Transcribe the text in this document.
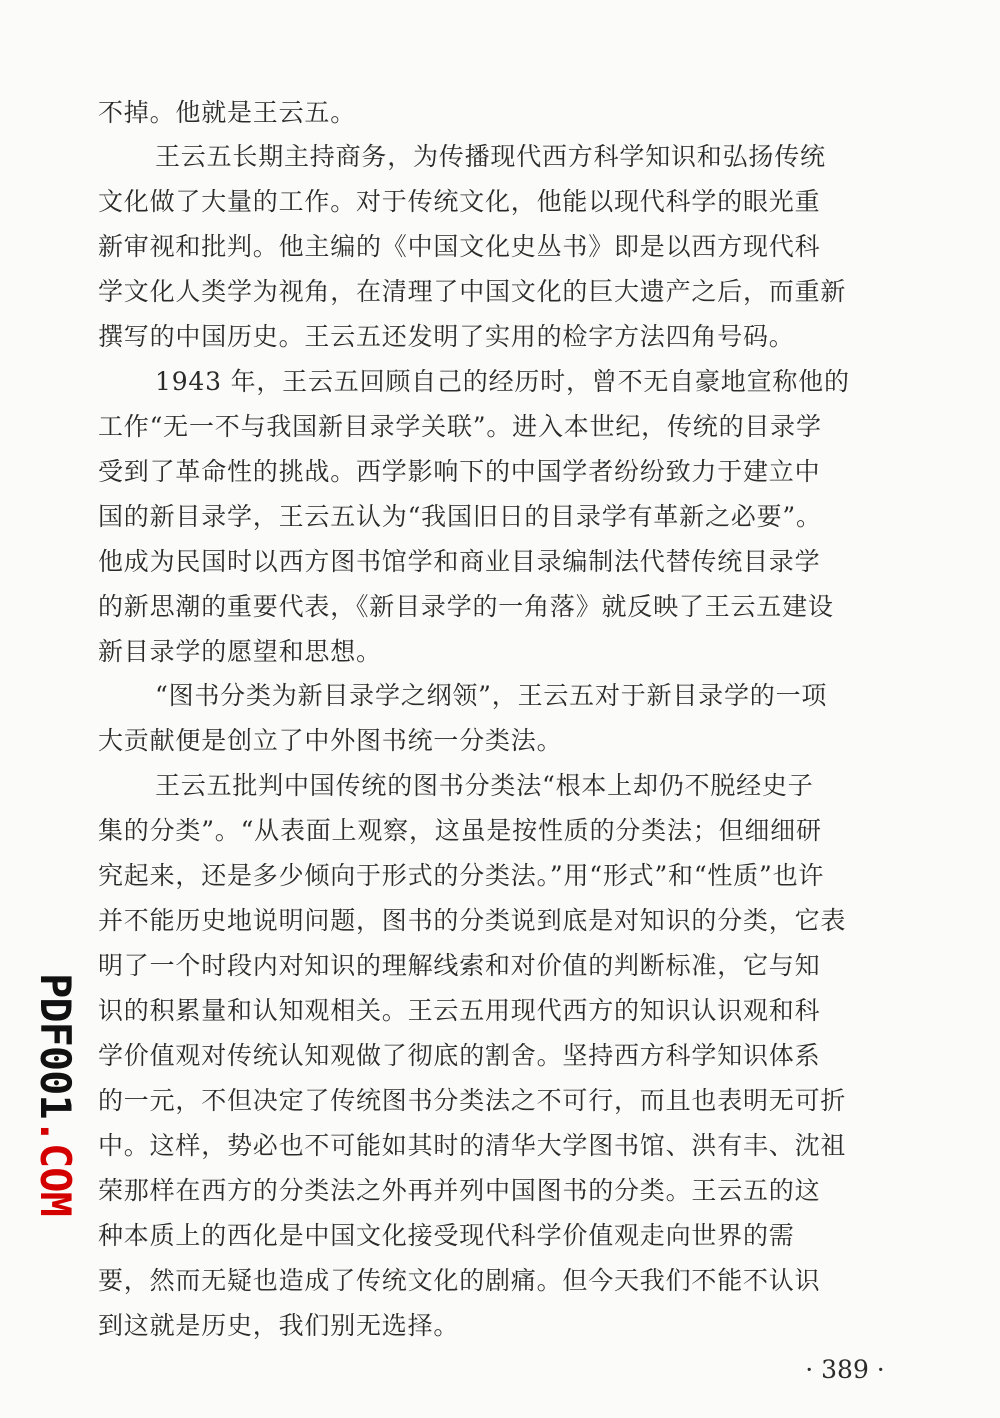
不掉。他就是王云五。
王云五长期主持商务，为传播现代西方科学知识和弘扬传统
文化做了大量的工作。对于传统文化，他能以现代科学的眼光重
新审视和批判。他主编的《中国文化史丛书》即是以西方现代科
学文化人类学为视角，在清理了中国文化的巨大遗产之后，而重新
撰写的中国历史。王云五还发明了实用的检字方法四角号码。
1943 年，王云五回顾自己的经历时，曾不无自豪地宣称他的
工作“无一不与我国新目录学关联”。进入本世纪，传统的目录学
受到了革命性的挑战。西学影响下的中国学者纷纷致力于建立中
国的新目录学，王云五认为“我国旧日的目录学有革新之必要”。
他成为民国时以西方图书馆学和商业目录编制法代替传统目录学
的新思潮的重要代表，《新目录学的一角落》就反映了王云五建设
新目录学的愿望和思想。
“图书分类为新目录学之纲领”，王云五对于新目录学的一项
大贡献便是创立了中外图书统一分类法。
王云五批判中国传统的图书分类法“根本上却仍不脱经史子
集的分类”。“从表面上观察，这虽是按性质的分类法；但细细研
究起来，还是多少倾向于形式的分类法。”用“形式”和“性质”也许
并不能历史地说明问题，图书的分类说到底是对知识的分类，它表
明了一个时段内对知识的理解线索和对价值的判断标准，它与知
识的积累量和认知观相关。王云五用现代西方的知识认识观和科
学价值观对传统认知观做了彻底的割舍。坚持西方科学知识体系
的一元，不但决定了传统图书分类法之不可行，而且也表明无可折
中。这样，势必也不可能如其时的清华大学图书馆、洪有丰、沈祖
荣那样在西方的分类法之外再并列中国图书的分类。王云五的这
种本质上的西化是中国文化接受现代科学价值观走向世界的需
要，然而无疑也造成了传统文化的剧痛。但今天我们不能不认识
到这就是历史，我们别无选择。
PDF001.COM
· 389 ·
